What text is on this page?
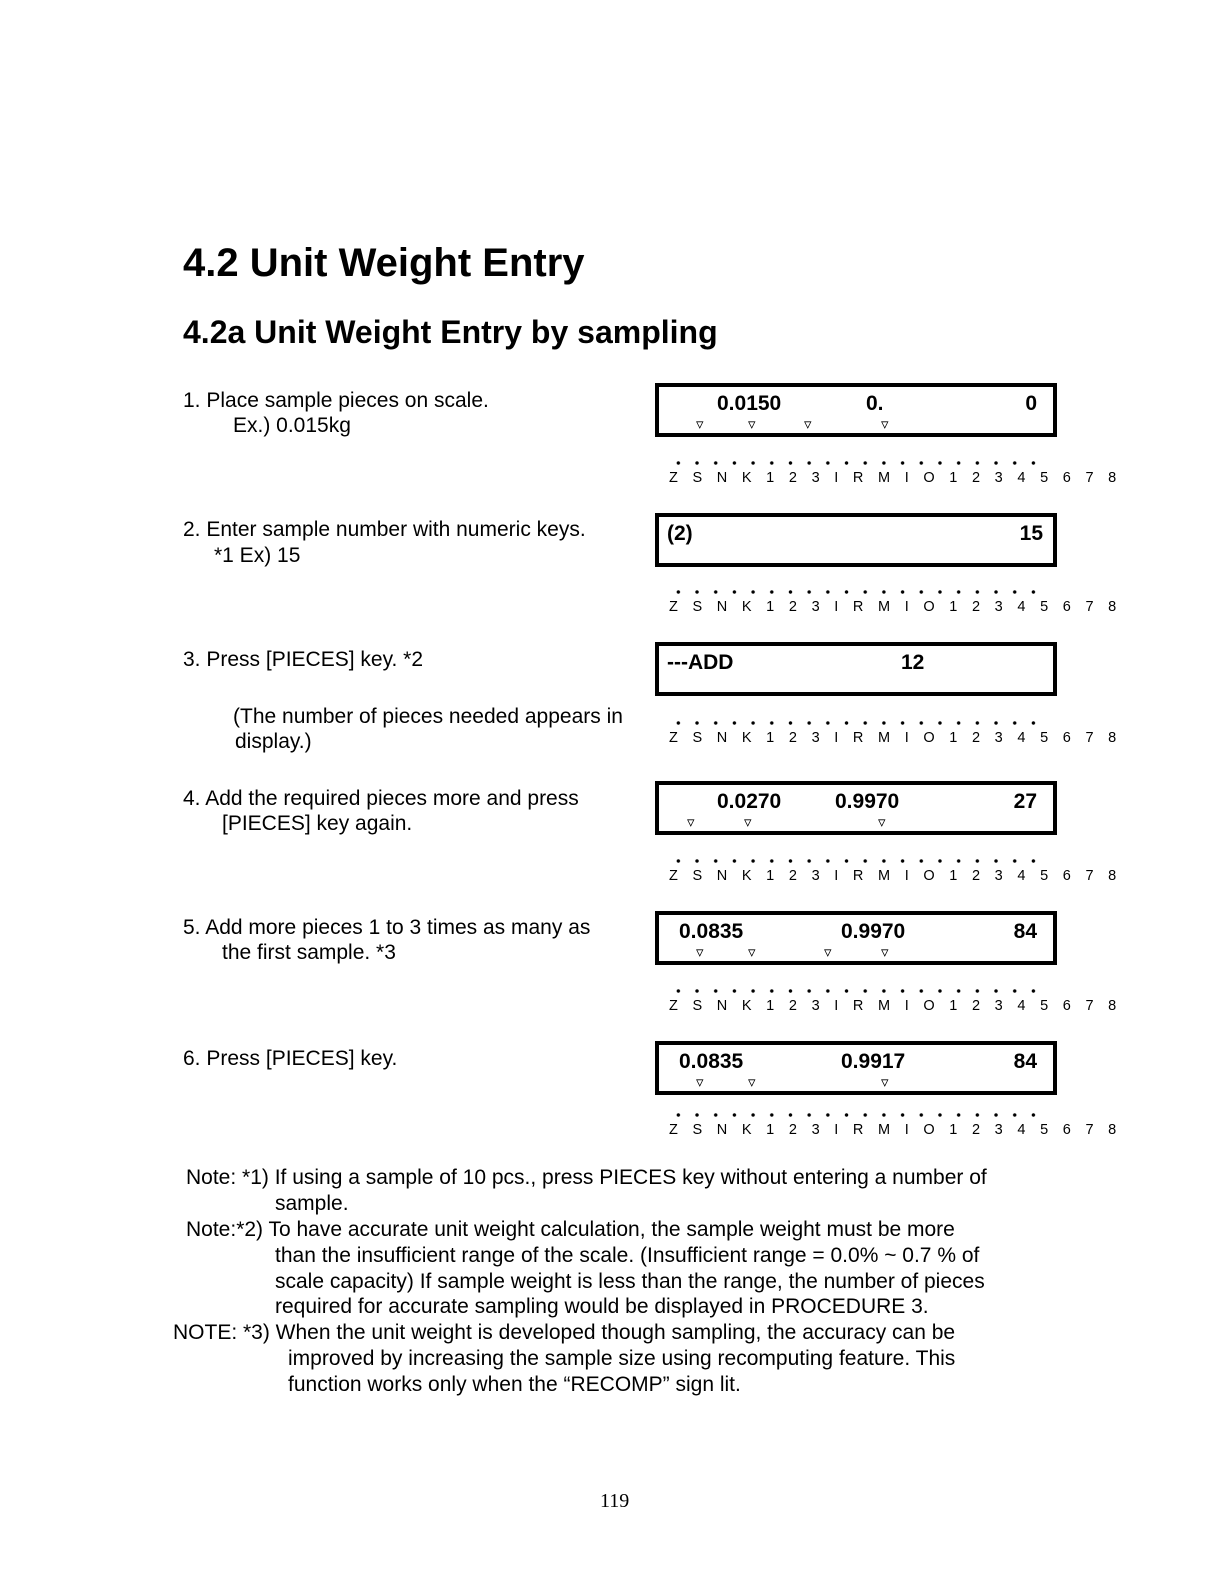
4.2 Unit Weight Entry
4.2a Unit Weight Entry by sampling
1. Place sample pieces on scale.
Ex.) 0.015kg
2. Enter sample number with numeric keys.
*1 Ex) 15
3. Press [PIECES] key. *2
(The number of pieces needed appears in
display.)
4. Add the required pieces more and press
[PIECES] key again.
5. Add more pieces 1 to 3 times as many as
the first sample. *3
6. Press [PIECES] key.
0.0150	0.	0
▿	▿	▿	▿
Z S N K 1 2 3 I R M I O 1 2 3 4 5 6 7 8
(2)	15
Z S N K 1 2 3 I R M I O 1 2 3 4 5 6 7 8
---ADD	12
Z S N K 1 2 3 I R M I O 1 2 3 4 5 6 7 8
0.0270	0.9970	27
▿	▿	▿
Z S N K 1 2 3 I R M I O 1 2 3 4 5 6 7 8
0.0835	0.9970	84
▿	▿	▿	▿
Z S N K 1 2 3 I R M I O 1 2 3 4 5 6 7 8
0.0835	0.9917	84
▿	▿	▿
Z S N K 1 2 3 I R M I O 1 2 3 4 5 6 7 8
Note: *1) If using a sample of 10 pcs., press PIECES key without entering a number of
sample.
Note:*2) To have accurate unit weight calculation, the sample weight must be more
than the insufficient range of the scale. (Insufficient range = 0.0% ~ 0.7 % of
scale capacity) If sample weight is less than the range, the number of pieces
required for accurate sampling would be displayed in PROCEDURE 3.
NOTE: *3) When the unit weight is developed though sampling, the accuracy can be
improved by increasing the sample size using recomputing feature. This
function works only when the “RECOMP” sign lit.
119
